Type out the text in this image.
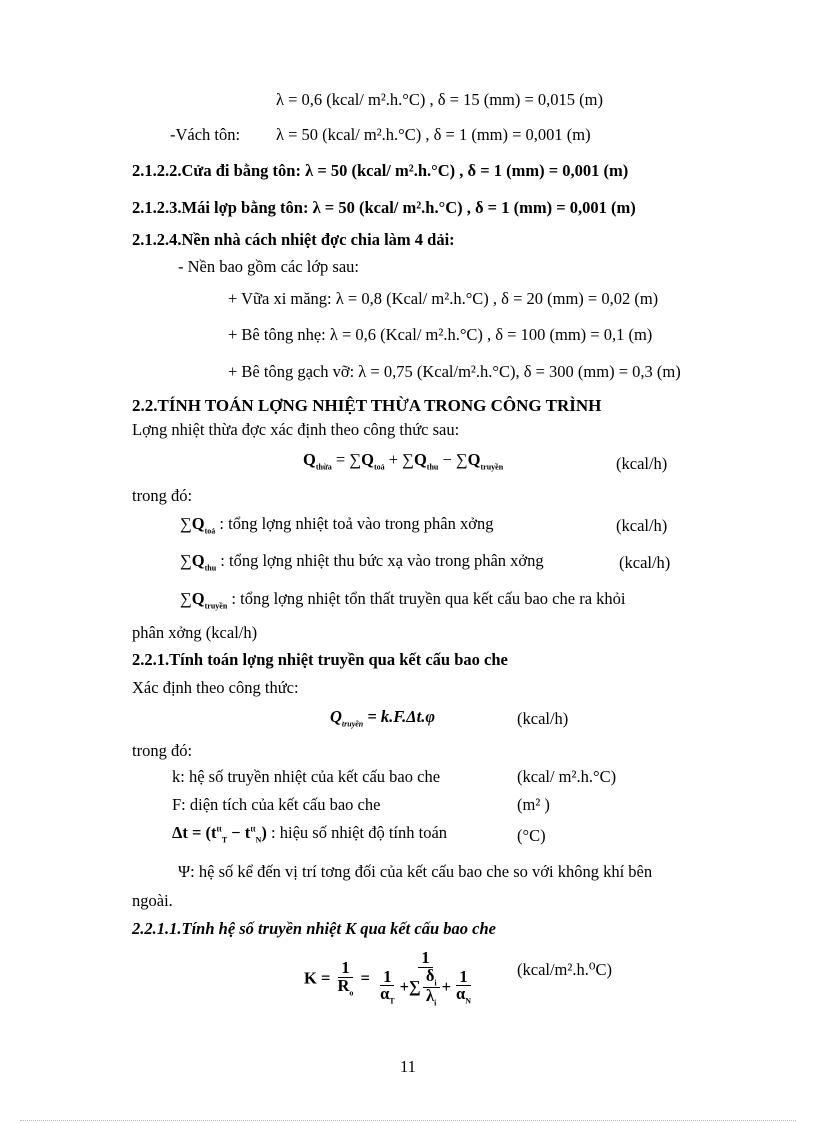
λ = 0,6 (kcal/ m².h.°C) , δ = 15 (mm) = 0,015 (m)
-Vách tôn: λ = 50 (kcal/ m².h.°C) , δ = 1 (mm) = 0,001 (m)
2.1.2.2.Cửa đi bằng tôn: λ = 50 (kcal/ m².h.°C) , δ = 1 (mm) = 0,001 (m)
2.1.2.3.Mái lợp bằng tôn: λ = 50 (kcal/ m².h.°C) , δ = 1 (mm) = 0,001 (m)
2.1.2.4.Nền nhà cách nhiệt đợc chia làm 4 dải:
- Nền bao gồm các lớp sau:
+ Vữa xi măng: λ = 0,8 (Kcal/ m².h.°C) , δ = 20 (mm) = 0,02 (m)
+ Bê tông nhẹ: λ = 0,6 (Kcal/ m².h.°C) , δ = 100 (mm) = 0,1 (m)
+ Bê tông gạch vỡ: λ = 0,75 (Kcal/m².h.°C), δ = 300 (mm) = 0,3 (m)
2.2.TÍNH TOÁN LỢNG NHIỆT THỪA TRONG CÔNG TRÌNH
Lợng nhiệt thừa đợc xác định theo công thức sau:
$Q_{thừa} = \sum Q_{toả} + \sum Q_{thu} - \sum Q_{truyền}$	(kcal/h)
trong đó:
$\sum Q_{toả}$ : tổng lợng nhiệt toả vào trong phân xởng	(kcal/h)
$\sum Q_{thu}$ : tổng lợng nhiệt thu bức xạ vào trong phân xởng	(kcal/h)
$\sum Q_{truyền}$ : tổng lợng nhiệt tổn thất truyền qua kết cấu bao che ra khỏi
phân xởng (kcal/h)
2.2.1.Tính toán lợng nhiệt truyền qua kết cấu bao che
Xác định theo công thức:
$Q_{truyền} = k.F.\Delta t.\varphi$	(kcal/h)
trong đó:
k: hệ số truyền nhiệt của kết cấu bao che	(kcal/ m².h.°C)
F: diện tích của kết cấu bao che	(m² )
$\Delta t = (t^{tt}_T - t^{tt}_N)$ : hiệu số nhiệt độ tính toán	(°C)
Ψ: hệ số kể đến vị trí tơng đối của kết cấu bao che so với không khí bên
ngoài.
2.2.1.1.Tính hệ số truyền nhiệt K qua kết cấu bao che
$K = \frac{1}{R_o} = \frac{1}{\frac{1}{\alpha_T} +\sum \frac{\delta_i}{\lambda_i} + \frac{1}{\alpha_N}}$ (kcal/m².h.⁰C)
11
